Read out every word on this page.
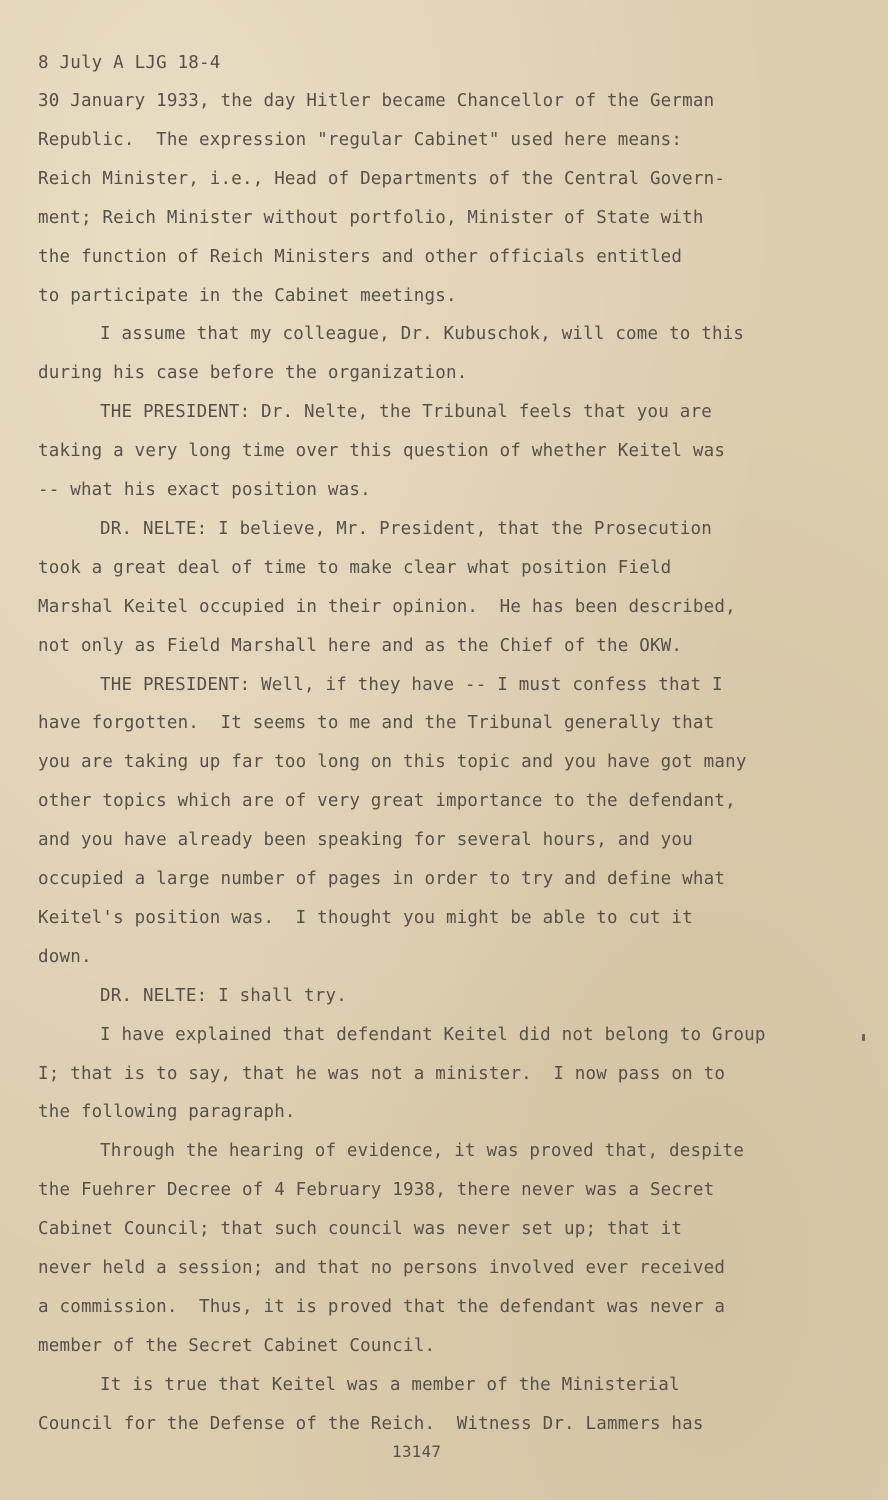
8 July A LJG 18-4
30 January 1933, the day Hitler became Chancellor of the German
Republic.  The expression "regular Cabinet" used here means:
Reich Minister, i.e., Head of Departments of the Central Govern-
ment; Reich Minister without portfolio, Minister of State with
the function of Reich Ministers and other officials entitled
to participate in the Cabinet meetings.
I assume that my colleague, Dr. Kubuschok, will come to this
during his case before the organization.
THE PRESIDENT: Dr. Nelte, the Tribunal feels that you are
taking a very long time over this question of whether Keitel was
-- what his exact position was.
DR. NELTE: I believe, Mr. President, that the Prosecution
took a great deal of time to make clear what position Field
Marshal Keitel occupied in their opinion.  He has been described,
not only as Field Marshall here and as the Chief of the OKW.
THE PRESIDENT: Well, if they have -- I must confess that I
have forgotten.  It seems to me and the Tribunal generally that
you are taking up far too long on this topic and you have got many
other topics which are of very great importance to the defendant,
and you have already been speaking for several hours, and you
occupied a large number of pages in order to try and define what
Keitel's position was.  I thought you might be able to cut it
down.
DR. NELTE: I shall try.
I have explained that defendant Keitel did not belong to Group
I; that is to say, that he was not a minister.  I now pass on to
the following paragraph.
Through the hearing of evidence, it was proved that, despite
the Fuehrer Decree of 4 February 1938, there never was a Secret
Cabinet Council; that such council was never set up; that it
never held a session; and that no persons involved ever received
a commission.  Thus, it is proved that the defendant was never a
member of the Secret Cabinet Council.
It is true that Keitel was a member of the Ministerial
Council for the Defense of the Reich.  Witness Dr. Lammers has
13147
